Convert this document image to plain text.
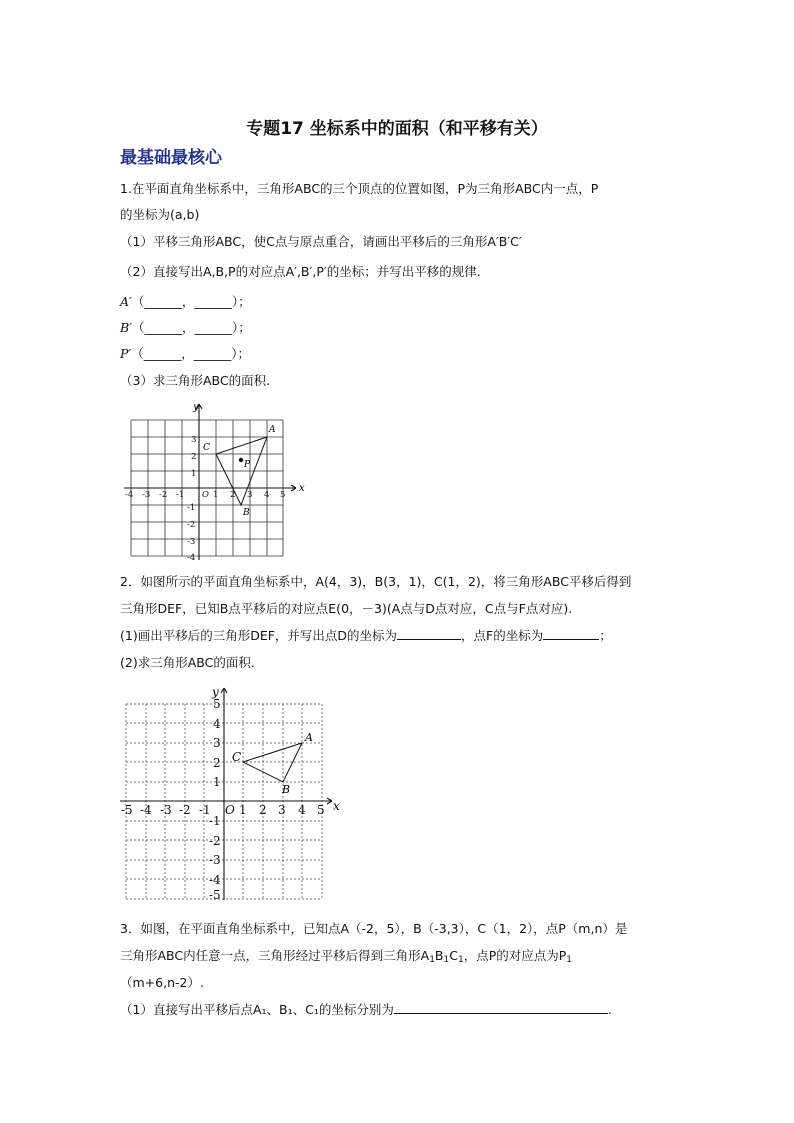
专题17 坐标系中的面积（和平移有关）
最基础最核心
1.在平面直角坐标系中，三角形ABC的三个顶点的位置如图，P为三角形ABC内一点，P
的坐标为(a,b)
（1）平移三角形ABC，使C点与原点重合，请画出平移后的三角形A′B′C′
（2）直接写出A,B,P的对应点A′,B′,P′的坐标；并写出平移的规律.
A′（______，______）；
B′（______，______）；
P′（______，______）；
（3）求三角形ABC的面积.
x
y
-4 -3 -2 -1 O 1 2 3 4 5
1
2
3
-1
-2
-3
-4
A
C
B
P
2．如图所示的平面直角坐标系中，A(4，3)，B(3，1)，C(1，2)，将三角形ABC平移后得到
三角形DEF，已知B点平移后的对应点E(0，－3)(A点与D点对应，C点与F点对应).
(1)画出平移后的三角形DEF，并写出点D的坐标为	，点F的坐标为	；
(2)求三角形ABC的面积．
x
y
-5 -4 -3 -2 -1 O 1 2 3 4 5
1
2
3
4
5
-1
-2
-3
-4
-5
A
C
B
3．如图，在平面直角坐标系中，已知点A（-2，5），B（-3,3），C（1，2），点P（m,n）是
三角形ABC内任意一点，三角形经过平移后得到三角形A1B1C1，点P的对应点为P1
（m+6,n-2）.
（1）直接写出平移后点A₁、B₁、C₁的坐标分别为	.
